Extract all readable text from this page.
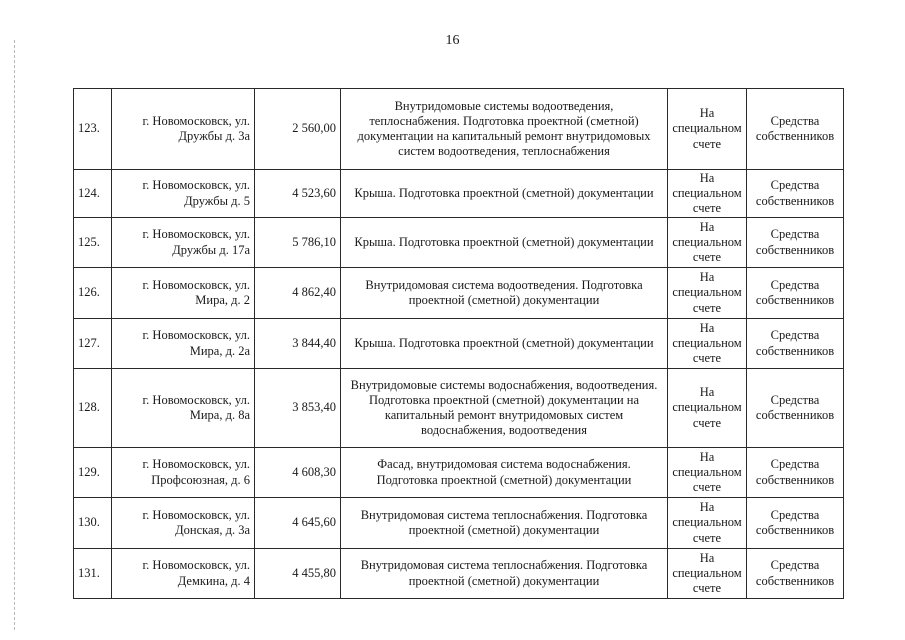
16
123.	г. Новомосковск, ул.
Дружбы д. 3а	2 560,00	Внутридомовые системы водоотведения,
теплоснабжения. Подготовка проектной (сметной)
документации на капитальный ремонт внутридомовых
систем водоотведения, теплоснабжения	На
специальном
счете	Средства
собственников

124.	г. Новомосковск, ул.
Дружбы д. 5	4 523,60	Крыша. Подготовка проектной (сметной) документации	На
специальном
счете	Средства
собственников

125.	г. Новомосковск, ул.
Дружбы д. 17а	5 786,10	Крыша. Подготовка проектной (сметной) документации	На
специальном
счете	Средства
собственников

126.	г. Новомосковск, ул.
Мира, д. 2	4 862,40	Внутридомовая система водоотведения. Подготовка
проектной (сметной) документации	На
специальном
счете	Средства
собственников

127.	г. Новомосковск, ул.
Мира, д. 2а	3 844,40	Крыша. Подготовка проектной (сметной) документации	На
специальном
счете	Средства
собственников

128.	г. Новомосковск, ул.
Мира, д. 8а	3 853,40	Внутридомовые системы водоснабжения, водоотведения.
Подготовка проектной (сметной) документации на
капитальный ремонт внутридомовых систем
водоснабжения, водоотведения	На
специальном
счете	Средства
собственников

129.	г. Новомосковск, ул.
Профсоюзная, д. 6	4 608,30	Фасад, внутридомовая система водоснабжения.
Подготовка проектной (сметной) документации	На
специальном
счете	Средства
собственников

130.	г. Новомосковск, ул.
Донская, д. 3а	4 645,60	Внутридомовая система теплоснабжения. Подготовка
проектной (сметной) документации	На
специальном
счете	Средства
собственников

131.	г. Новомосковск, ул.
Демкина, д. 4	4 455,80	Внутридомовая система теплоснабжения. Подготовка
проектной (сметной) документации	На
специальном
счете	Средства
собственников
